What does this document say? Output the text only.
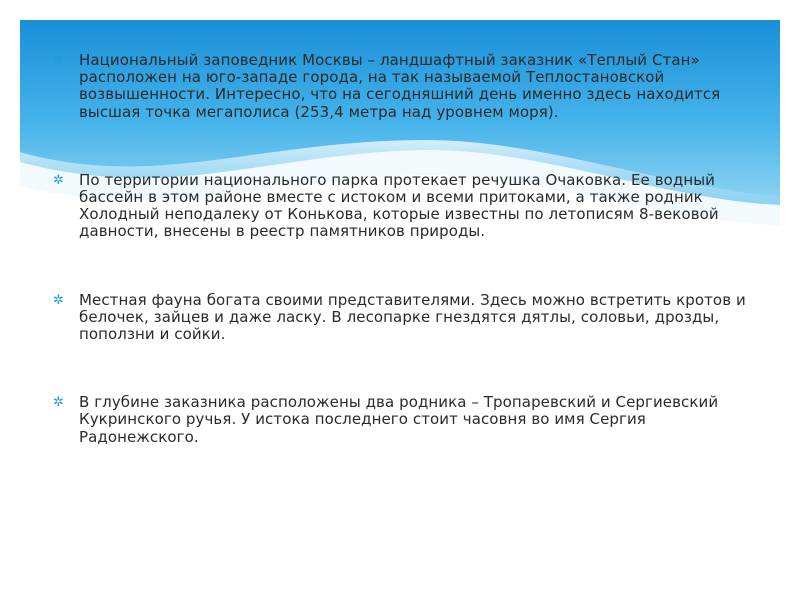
✲ Национальный заповедник Москвы – ландшафтный заказник «Теплый Стан» расположен на юго-западе города, на так называемой Теплостановской возвышенности. Интересно, что на сегодняшний день именно здесь находится высшая точка мегаполиса (253,4 метра над уровнем моря).
✲ По территории национального парка протекает речушка Очаковка. Ее водный бассейн в этом районе вместе с истоком и всеми притоками, а также родник Холодный неподалеку от Конькова, которые известны по летописям 8-вековой давности, внесены в реестр памятников природы.
✲ Местная фауна богата своими представителями. Здесь можно встретить кротов и белочек, зайцев и даже ласку. В лесопарке гнездятся дятлы, соловьи, дрозды, поползни и сойки.
✲ В глубине заказника расположены два родника – Тропаревский и Сергиевский Кукринского ручья. У истока последнего стоит часовня во имя Сергия Радонежского.
